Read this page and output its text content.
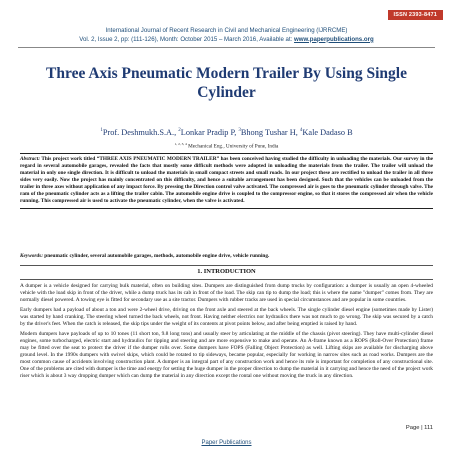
ISSN 2393-8471
International Journal of Recent Research in Civil and Mechanical Engineering (IJRRCME)
Vol. 2, Issue 2, pp: (111-126), Month: October 2015 – March 2016, Available at: www.paperpublications.org
Three Axis Pneumatic Modern Trailer By Using Single Cylinder
$^1$Prof. Deshmukh.S.A., $^2$Lonkar Pradip P, $^3$Bhong Tushar H, $^4$Kale Dadaso B
$^{1, 2, 3, 4}$ Mechanical Eng., University of Pune, India
Abstract: This project work titled “THREE AXIS PNEUMATIC MODERN TRAILER” has been conceived having studied the difficulty in unloading the materials. Our survey in the regard in several automobile garages, revealed the facts that mostly some difficult methods were adopted in unloading the materials from the trailer. The trailer will unload the material in only one single direction. It is difficult to unload the materials in small compact streets and small roads. In our project these are rectified to unload the trailer in all three sides very easily. Now the project has mainly concentrated on this difficulty, and hence a suitable arrangement has been designed. Such that the vehicles can be unloaded from the trailer in three axes without application of any impact force. By pressing the Direction control valve activated. The compressed air is goes to the pneumatic cylinder through valve. The ram of the pneumatic cylinder acts as a lifting the trailer cabin. The automobile engine drive is coupled to the compressor engine, so that it stores the compressed air when the vehicle running. This compressed air is used to activate the pneumatic cylinder, when the valve is activated.
Keywords: pneumatic cylinder, several automobile garages, methods, automobile engine drive, vehicle running.
1. INTRODUCTION

A dumper is a vehicle designed for carrying bulk material, often on building sites. Dumpers are distinguished from dump trucks by configuration: a dumper is usually an open 4-wheeled vehicle with the load skip in front of the driver, while a dump truck has its cab in front of the load. The skip can tip to dump the load; this is where the name "dumper" comes from. They are normally diesel powered. A towing eye is fitted for secondary use as a site tractor. Dumpers with rubber tracks are used in special circumstances and are popular in some countries.

Early dumpers had a payload of about a ton and were 2-wheel drive, driving on the front axle and steered at the back wheels. The single cylinder diesel engine (sometimes made by Lister) was started by hand cranking. The steering wheel turned the back wheels, not front. Having neither electrics nor hydraulics there was not much to go wrong. The skip was secured by a catch by the driver's feet. When the catch is released, the skip tips under the weight of its contents at pivot points below, and after being emptied is raised by hand.

Modern dumpers have payloads of up to 10 tones (11 short ton, 9.8 long tons) and usually steer by articulating at the middle of the chassis (pivot steering). They have multi-cylinder diesel engines, some turbocharged, electric start and hydraulics for tipping and steering and are more expensive to make and operate. An A-frame known as a ROPS (Roll-Over Protection) frame may be fitted over the seat to protect the driver if the dumper rolls over. Some dumpers have FOPS (Falling Object Protection) as well. Lifting skips are available for discharging above ground level. In the 1990s dumpers with swivel skips, which could be rotated to tip sideways, became popular, especially for working in narrow sites such as road works. Dumpers are the most common cause of accidents involving construction plant. A dumper is an integral part of any construction work and hence its role is important for completion of any constructional site. One of the problems are cited with dumper is the time and energy for setting the huge dumper in the proper direction to dump the material in it carrying and hence the need of the project work riser which is about 3 way dropping dumper which can dump the material in any direction except the rontal one without moving the truck in any direction.

Page | 111
Paper Publications
